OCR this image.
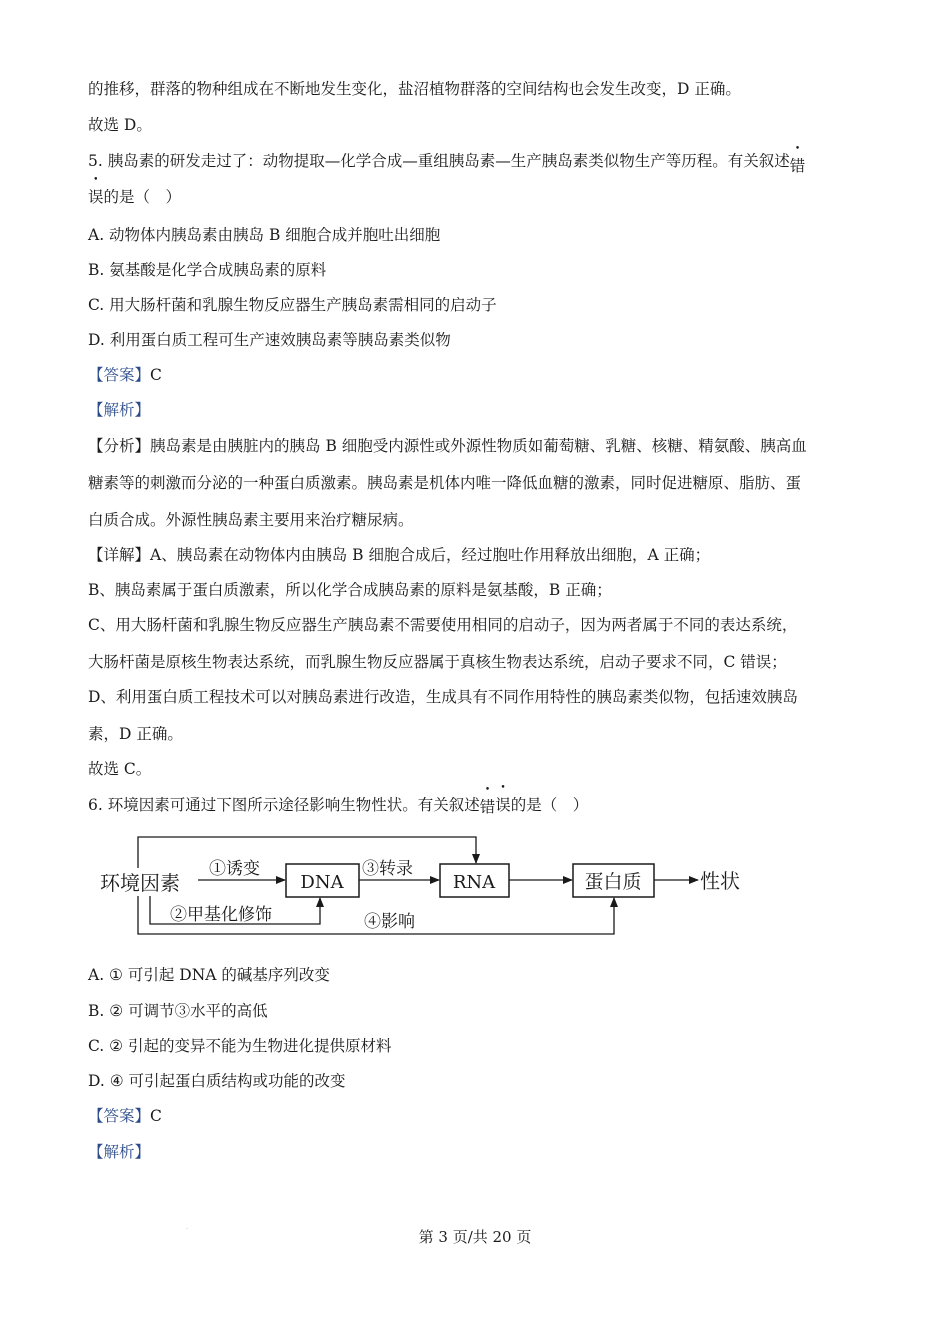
的推移，群落的物种组成在不断地发生变化，盐沼植物群落的空间结构也会发生改变，D 正确。
故选 D。
5. 胰岛素的研发走过了：动物提取—化学合成—重组胰岛素—生产胰岛素类似物生产等历程。有关叙述错
误的是（　）
A. 动物体内胰岛素由胰岛 B 细胞合成并胞吐出细胞
B. 氨基酸是化学合成胰岛素的原料
C. 用大肠杆菌和乳腺生物反应器生产胰岛素需相同的启动子
D. 利用蛋白质工程可生产速效胰岛素等胰岛素类似物
【答案】C
【解析】
【分析】胰岛素是由胰脏内的胰岛 B 细胞受内源性或外源性物质如葡萄糖、乳糖、核糖、精氨酸、胰高血
糖素等的刺激而分泌的一种蛋白质激素。胰岛素是机体内唯一降低血糖的激素，同时促进糖原、脂肪、蛋
白质合成。外源性胰岛素主要用来治疗糖尿病。
【详解】A、胰岛素在动物体内由胰岛 B 细胞合成后，经过胞吐作用释放出细胞，A 正确；
B、胰岛素属于蛋白质激素，所以化学合成胰岛素的原料是氨基酸，B 正确；
C、用大肠杆菌和乳腺生物反应器生产胰岛素不需要使用相同的启动子，因为两者属于不同的表达系统，
大肠杆菌是原核生物表达系统，而乳腺生物反应器属于真核生物表达系统，启动子要求不同，C 错误；
D、利用蛋白质工程技术可以对胰岛素进行改造，生成具有不同作用特性的胰岛素类似物，包括速效胰岛
素，D 正确。
故选 C。
6. 环境因素可通过下图所示途径影响生物性状。有关叙述错误的是（　）
环境因素	DNA	RNA	蛋白质	性状
①诱变	③转录
②甲基化修饰	④影响
A. ① 可引起 DNA 的碱基序列改变
B. ② 可调节③水平的高低
C. ② 引起的变异不能为生物进化提供原材料
D. ④ 可引起蛋白质结构或功能的改变
【答案】C
【解析】
·	第 3 页/共 20 页
